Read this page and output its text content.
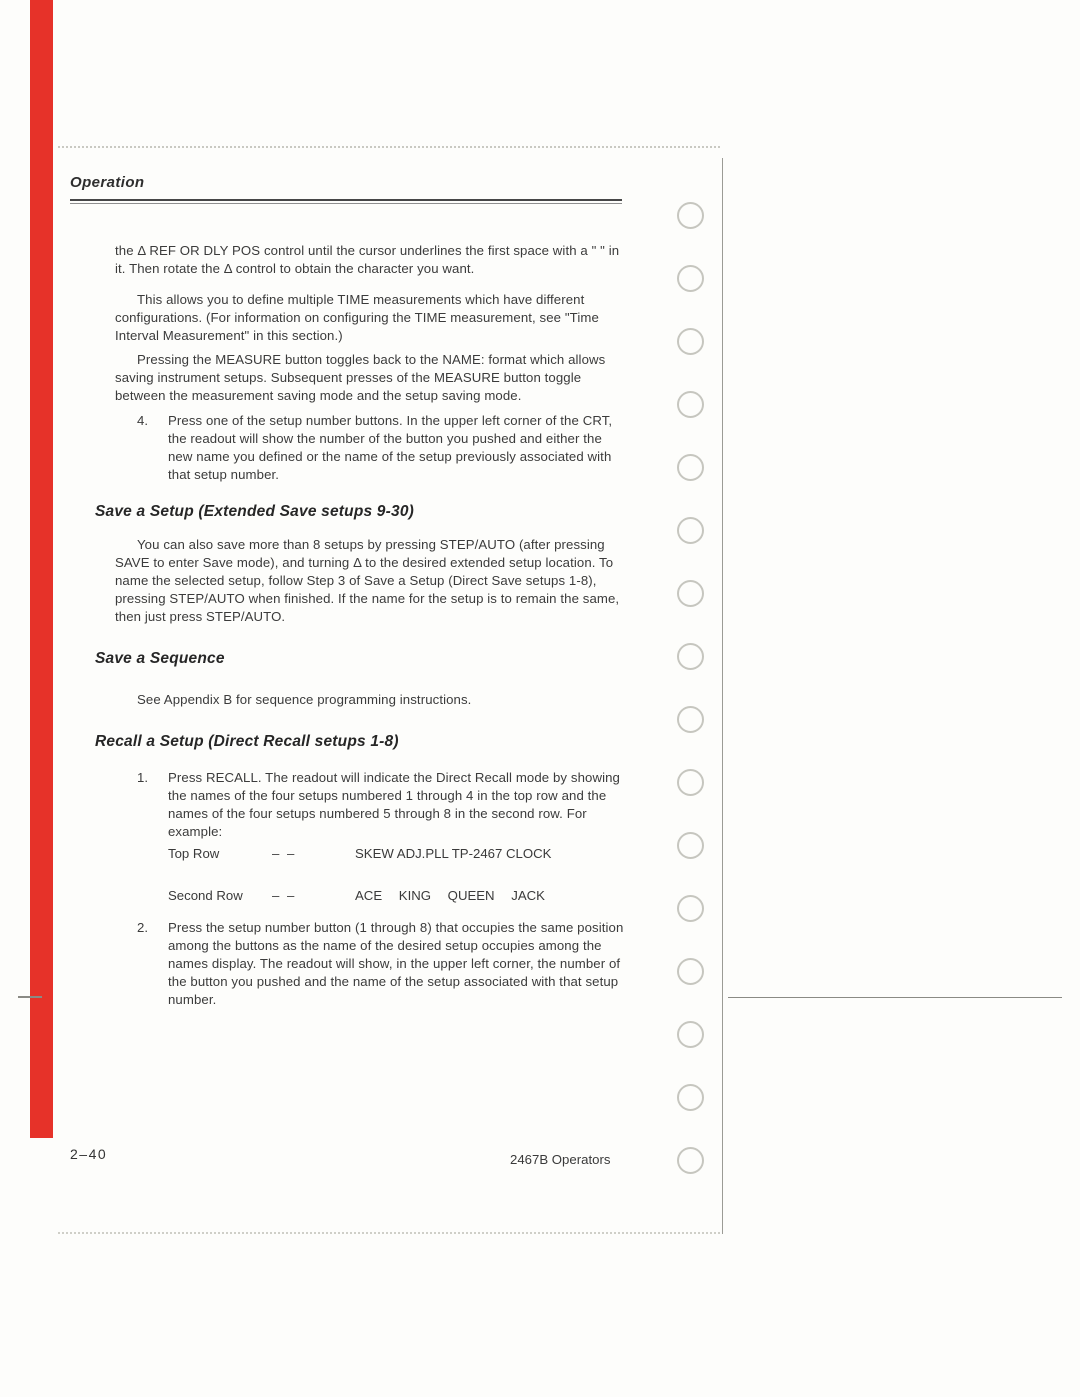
Operation

the Δ REF OR DLY POS control until the cursor underlines the first space with a " " in it. Then rotate the Δ control to obtain the character you want.

This allows you to define multiple TIME measurements which have different configurations. (For information on configuring the TIME measurement, see "Time Interval Measurement" in this section.)

Pressing the MEASURE button toggles back to the NAME: format which allows saving instrument setups. Subsequent presses of the MEASURE button toggle between the measurement saving mode and the setup saving mode.

4.	Press one of the setup number buttons. In the upper left corner of the CRT, the readout will show the number of the button you pushed and either the new name you defined or the name of the setup previously associated with that setup number.
Save a Setup (Extended Save setups 9-30)

You can also save more than 8 setups by pressing STEP/AUTO (after pressing SAVE to enter Save mode), and turning Δ to the desired extended setup location. To name the selected setup, follow Step 3 of Save a Setup (Direct Save setups 1-8), pressing STEP/AUTO when finished. If the name for the setup is to remain the same, then just press STEP/AUTO.

Save a Sequence

See Appendix B for sequence programming instructions.

Recall a Setup (Direct Recall setups 1-8)
1.	Press RECALL. The readout will indicate the Direct Recall mode by showing the names of the four setups numbered 1 through 4 in the top row and the names of the four setups numbered 5 through 8 in the second row. For example:
Top Row	– –	SKEW ADJ.PLL TP-2467 CLOCK
Second Row	– –	ACE KING QUEEN JACK
2.	Press the setup number button (1 through 8) that occupies the same position among the buttons as the name of the desired setup occupies among the names display. The readout will show, in the upper left corner, the number of the button you pushed and the name of the setup associated with that setup number.
2–40	2467B Operators
